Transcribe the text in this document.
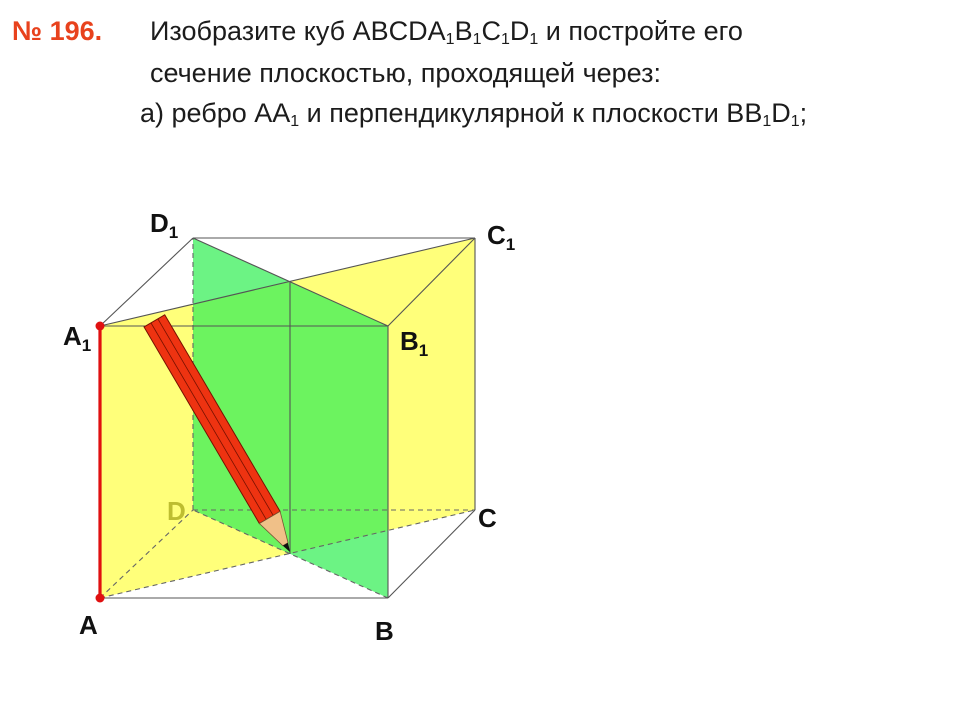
№ 196. Изобразите куб $ABCDA_1B_1C_1D_1$ и постройте его
сечение плоскостью, проходящей через:
а) ребро $АА_1$ и перпендикулярной к плоскости $ВВ_1D_1$;
$D_1$	$C_1$
$A_1$	$B_1$
D	C
A	B
